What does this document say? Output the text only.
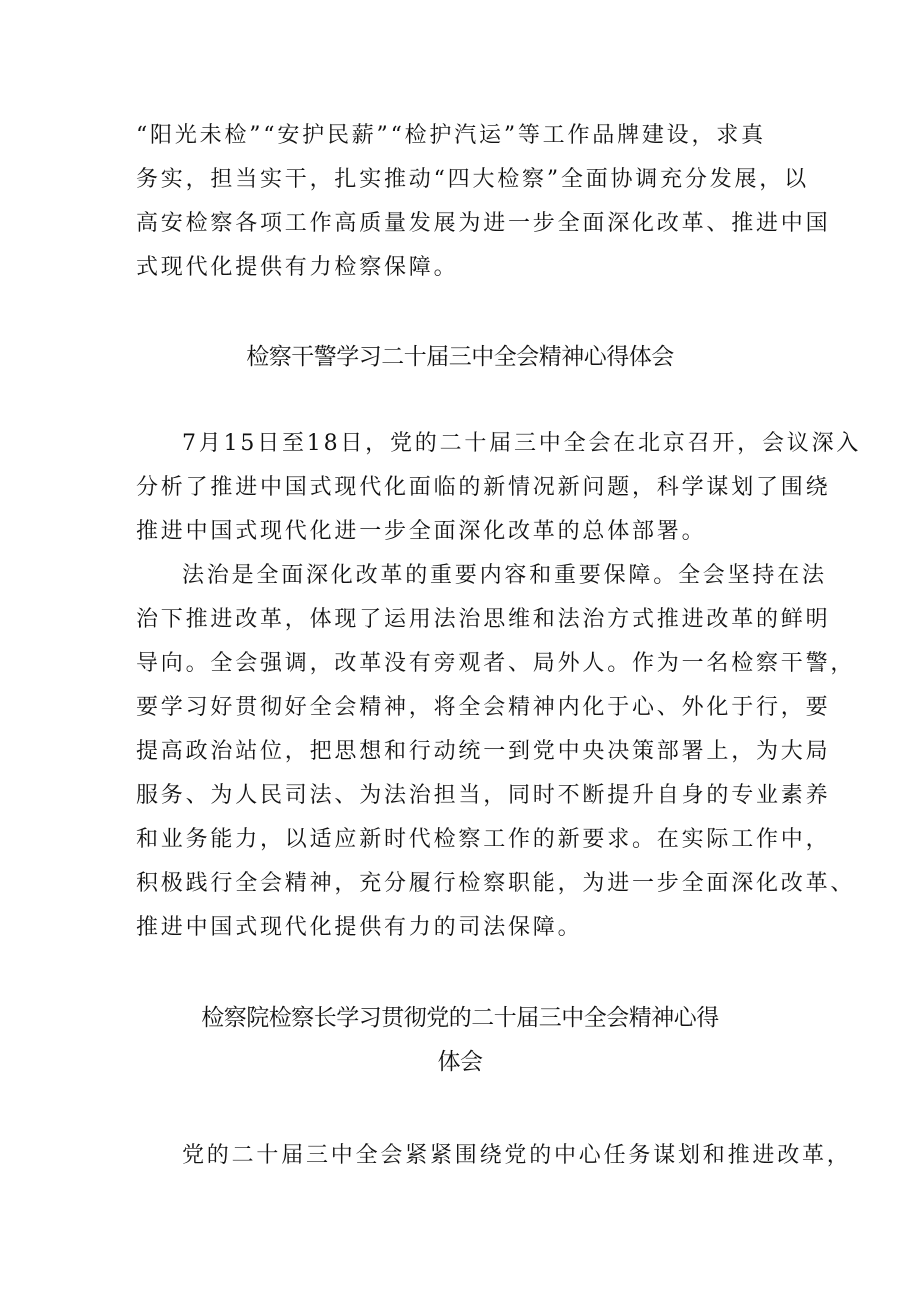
“阳光未检”“安护民薪”“检护汽运”等工作品牌建设，求真
务实，担当实干，扎实推动“四大检察”全面协调充分发展，以
高安检察各项工作高质量发展为进一步全面深化改革、推进中国
式现代化提供有力检察保障。

检察干警学习二十届三中全会精神心得体会

7月15日至18日，党的二十届三中全会在北京召开，会议深入
分析了推进中国式现代化面临的新情况新问题，科学谋划了围绕
推进中国式现代化进一步全面深化改革的总体部署。

法治是全面深化改革的重要内容和重要保障。全会坚持在法
治下推进改革，体现了运用法治思维和法治方式推进改革的鲜明
导向。全会强调，改革没有旁观者、局外人。作为一名检察干警，
要学习好贯彻好全会精神，将全会精神内化于心、外化于行，要
提高政治站位，把思想和行动统一到党中央决策部署上，为大局
服务、为人民司法、为法治担当，同时不断提升自身的专业素养
和业务能力，以适应新时代检察工作的新要求。在实际工作中，
积极践行全会精神，充分履行检察职能，为进一步全面深化改革、
推进中国式现代化提供有力的司法保障。

检察院检察长学习贯彻党的二十届三中全会精神心得
体会

党的二十届三中全会紧紧围绕党的中心任务谋划和推进改革，
